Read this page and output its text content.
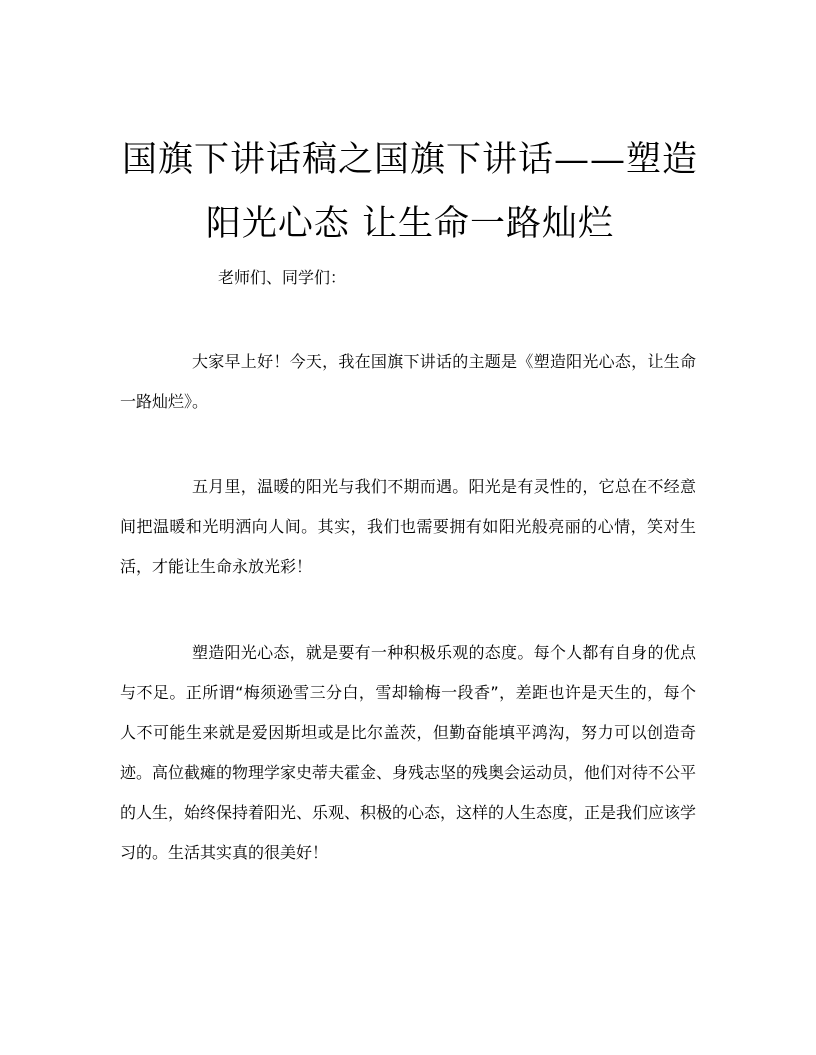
国旗下讲话稿之国旗下讲话——塑造
阳光心态 让生命一路灿烂
老师们、同学们：

大家早上好！今天，我在国旗下讲话的主题是《塑造阳光心态，让生命一路灿烂》。

五月里，温暖的阳光与我们不期而遇。阳光是有灵性的，它总在不经意间把温暖和光明洒向人间。其实，我们也需要拥有如阳光般亮丽的心情，笑对生活，才能让生命永放光彩！

塑造阳光心态，就是要有一种积极乐观的态度。每个人都有自身的优点与不足。正所谓“梅须逊雪三分白，雪却输梅一段香”，差距也许是天生的，每个人不可能生来就是爱因斯坦或是比尔盖茨，但勤奋能填平鸿沟，努力可以创造奇迹。高位截瘫的物理学家史蒂夫霍金、身残志坚的残奥会运动员，他们对待不公平的人生，始终保持着阳光、乐观、积极的心态，这样的人生态度，正是我们应该学习的。生活其实真的很美好！
